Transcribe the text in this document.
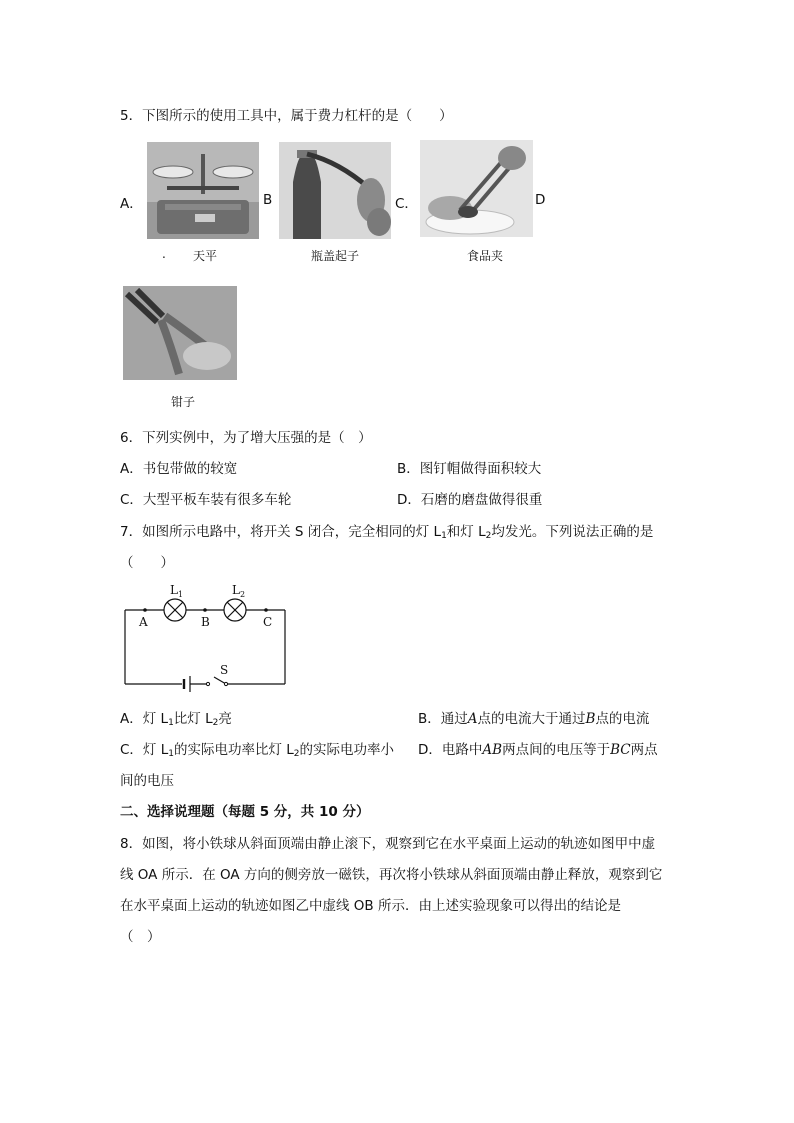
5．下图所示的使用工具中，属于费力杠杆的是（　　）
A．
. 天平
B
瓶盖起子
C．	D
食品夹
钳子
6．下列实例中，为了增大压强的是（　）
A．书包带做的较宽	B．图钉帽做得面积较大
C．大型平板车装有很多车轮	D．石磨的磨盘做得很重
7．如图所示电路中，将开关 S 闭合，完全相同的灯 $L_1$和灯 $L_2$均发光。下列说法正确的是
（　　）
$L_1$	$L_2$
A	B	C
S
A．灯 $L_1$比灯 $L_2$亮	B．通过A点的电流大于通过B点的电流
C．灯 $L_1$的实际电功率比灯 $L_2$的实际电功率小 D．电路中AB两点间的电压等于BC两点
间的电压
二、选择说理题（每题 5 分，共 10 分）
8．如图，将小铁球从斜面顶端由静止滚下，观察到它在水平桌面上运动的轨迹如图甲中虚
线 OA 所示．在 OA 方向的侧旁放一磁铁，再次将小铁球从斜面顶端由静止释放，观察到它
在水平桌面上运动的轨迹如图乙中虚线 OB 所示．由上述实验现象可以得出的结论是
（　）
